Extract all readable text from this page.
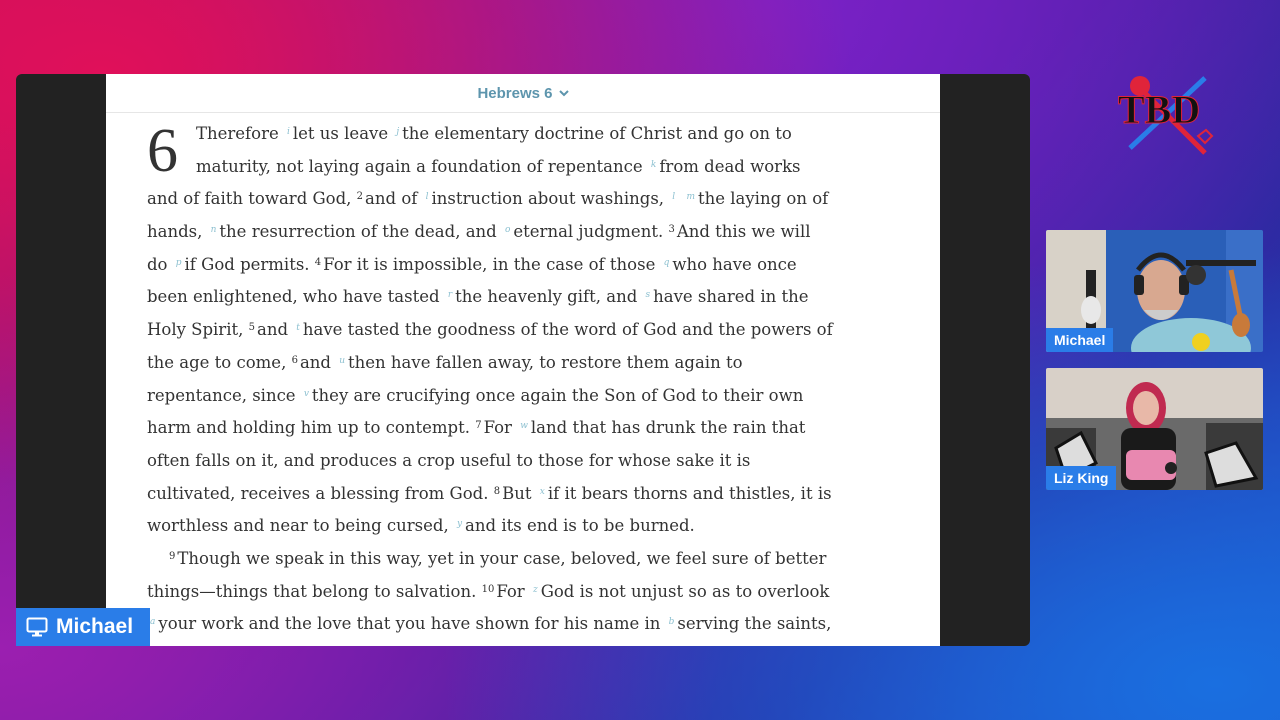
Hebrews 6
6	Therefore $^i$ let us leave $^j$ the elementary doctrine of Christ and go on to
maturity, not laying again a foundation of repentance $^k$ from dead works
and of faith toward God, $^2$ and of $^l$ instruction about washings, $^l$ $^m$ the laying on of
hands, $^n$ the resurrection of the dead, and $^o$ eternal judgment. $^3$ And this we will
do $^p$ if God permits. $^4$ For it is impossible, in the case of those $^q$ who have once
been enlightened, who have tasted $^r$ the heavenly gift, and $^s$ have shared in the
Holy Spirit, $^5$ and $^t$ have tasted the goodness of the word of God and the powers of
the age to come, $^6$ and $^u$ then have fallen away, to restore them again to
repentance, since $^v$ they are crucifying once again the Son of God to their own
harm and holding him up to contempt. $^7$ For $^w$ land that has drunk the rain that
often falls on it, and produces a crop useful to those for whose sake it is
cultivated, receives a blessing from God. $^8$ But $^x$ if it bears thorns and thistles, it is
worthless and near to being cursed, $^y$ and its end is to be burned.
$^9$ Though we speak in this way, yet in your case, beloved, we feel sure of better
things—things that belong to salvation. $^{10}$ For $^z$ God is not unjust so as to overlook
$^a$ your work and the love that you have shown for his name in $^b$ serving the saints,
Michael
TBD
Michael
Liz King
